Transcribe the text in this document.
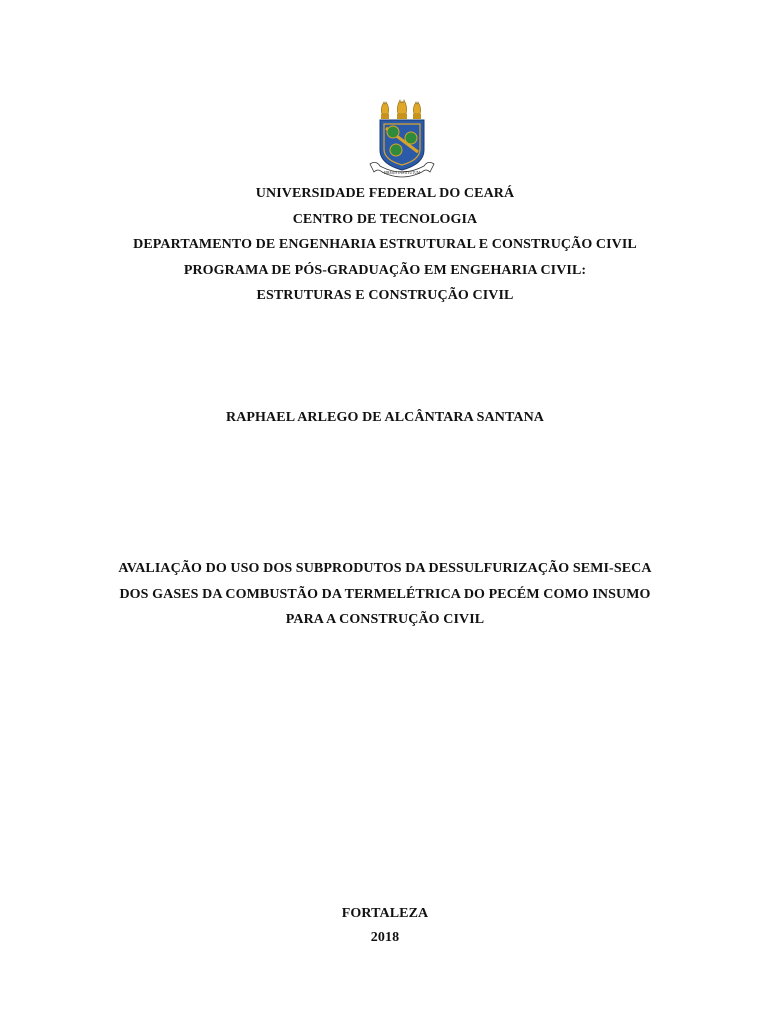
FIRMUS INSTITUTUM
UNIVERSIDADE FEDERAL DO CEARÁ
CENTRO DE TECNOLOGIA
DEPARTAMENTO DE ENGENHARIA ESTRUTURAL E CONSTRUÇÃO CIVIL
PROGRAMA DE PÓS-GRADUAÇÃO EM ENGEHARIA CIVIL:
ESTRUTURAS E CONSTRUÇÃO CIVIL
RAPHAEL ARLEGO DE ALCÂNTARA SANTANA
AVALIAÇÃO DO USO DOS SUBPRODUTOS DA DESSULFURIZAÇÃO SEMI-SECA
DOS GASES DA COMBUSTÃO DA TERMELÉTRICA DO PECÉM COMO INSUMO
PARA A CONSTRUÇÃO CIVIL
FORTALEZA
2018
